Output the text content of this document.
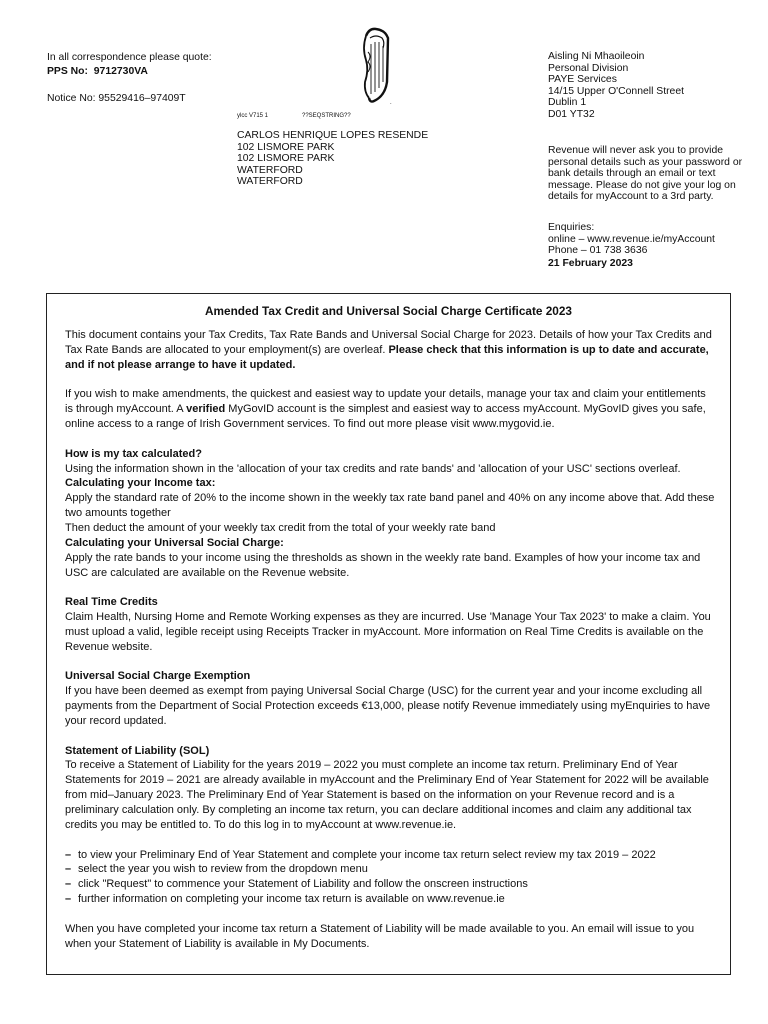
In all correspondence please quote:
PPS No: 9712730VA
Notice No: 95529416–97409T	.
ylcc V715 1	??SEQSTRING??
CARLOS HENRIQUE LOPES RESENDE
102 LISMORE PARK
102 LISMORE PARK
WATERFORD
WATERFORD
Aisling Ni Mhaoileoin
Personal Division
PAYE Services
14/15 Upper O'Connell Street
Dublin 1
D01 YT32
Revenue will never ask you to provide
personal details such as your password or
bank details through an email or text
message. Please do not give your log on
details for myAccount to a 3rd party.
Enquiries:
online – www.revenue.ie/myAccount
Phone – 01 738 3636
21 February 2023
Amended Tax Credit and Universal Social Charge Certificate 2023

This document contains your Tax Credits, Tax Rate Bands and Universal Social Charge for 2023. Details of how your Tax Credits and Tax Rate Bands are allocated to your employment(s) are overleaf. Please check that this information is up to date and accurate, and if not please arrange to have it updated.

If you wish to make amendments, the quickest and easiest way to update your details, manage your tax and claim your entitlements is through myAccount. A verified MyGovID account is the simplest and easiest way to access myAccount. MyGovID gives you safe, online access to a range of Irish Government services. To find out more please visit www.mygovid.ie.

How is my tax calculated?

Using the information shown in the 'allocation of your tax credits and rate bands' and 'allocation of your USC' sections overleaf.

Calculating your Income tax:

Apply the standard rate of 20% to the income shown in the weekly tax rate band panel and 40% on any income above that. Add these two amounts together

Then deduct the amount of your weekly tax credit from the total of your weekly rate band

Calculating your Universal Social Charge:

Apply the rate bands to your income using the thresholds as shown in the weekly rate band. Examples of how your income tax and USC are calculated are available on the Revenue website.

Real Time Credits

Claim Health, Nursing Home and Remote Working expenses as they are incurred. Use 'Manage Your Tax 2023' to make a claim. You must upload a valid, legible receipt using Receipts Tracker in myAccount. More information on Real Time Credits is available on the Revenue website.

Universal Social Charge Exemption

If you have been deemed as exempt from paying Universal Social Charge (USC) for the current year and your income excluding all payments from the Department of Social Protection exceeds €13,000, please notify Revenue immediately using myEnquiries to have your record updated.

Statement of Liability (SOL)

To receive a Statement of Liability for the years 2019 – 2022 you must complete an income tax return. Preliminary End of Year Statements for 2019 – 2021 are already available in myAccount and the Preliminary End of Year Statement for 2022 will be available from mid–January 2023. The Preliminary End of Year Statement is based on the information on your Revenue record and is a preliminary calculation only. By completing an income tax return, you can declare additional incomes and claim any additional tax credits you may be entitled to. To do this log in to myAccount at www.revenue.ie.

– to view your Preliminary End of Year Statement and complete your income tax return select review my tax 2019 – 2022
– select the year you wish to review from the dropdown menu
– click "Request" to commence your Statement of Liability and follow the onscreen instructions
– further information on completing your income tax return is available on www.revenue.ie

When you have completed your income tax return a Statement of Liability will be made available to you. An email will issue to you when your Statement of Liability is available in My Documents.
